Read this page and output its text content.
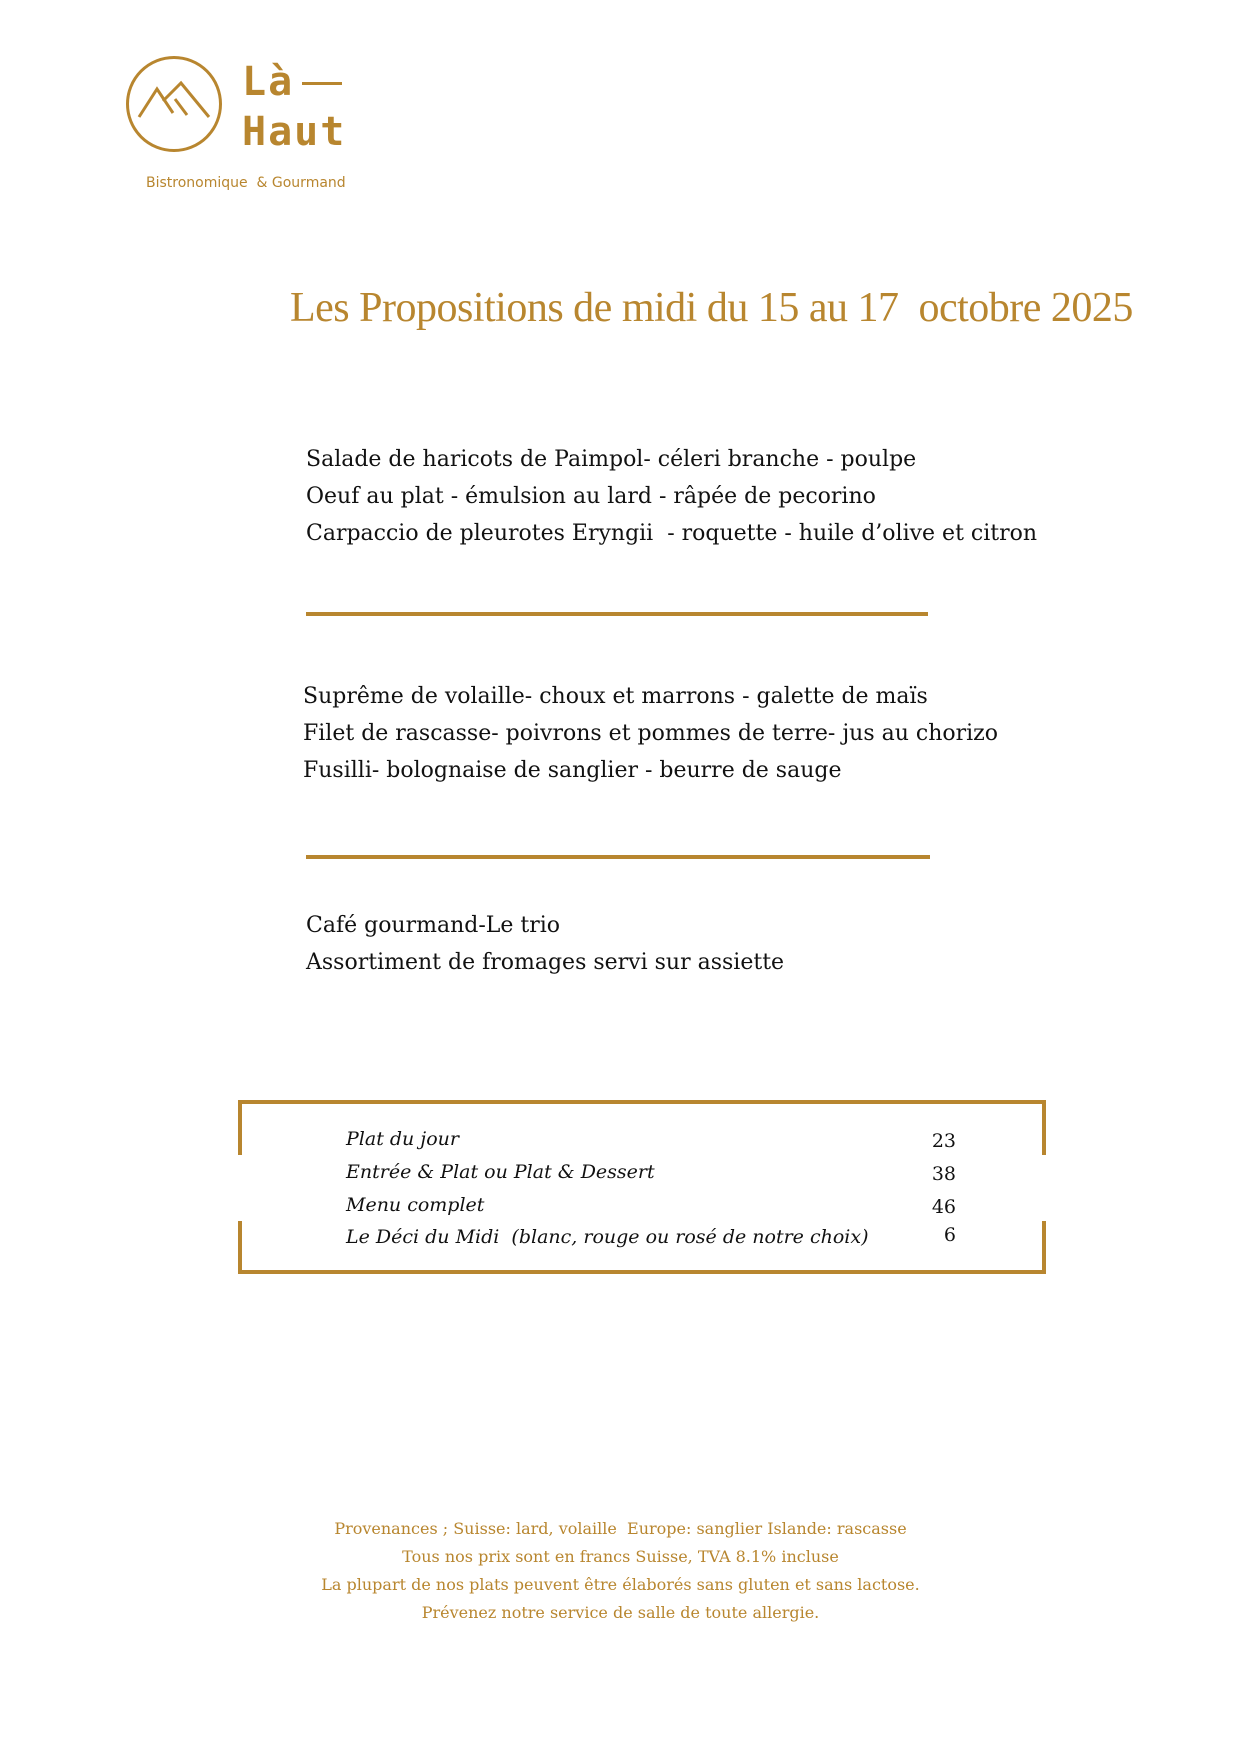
Là
Haut
Bistronomique  & Gourmand
Les Propositions de midi du 15 au 17  octobre 2025
Salade de haricots de Paimpol- céleri branche - poulpe
Oeuf au plat - émulsion au lard - râpée de pecorino
Carpaccio de pleurotes Eryngii  - roquette - huile d’olive et citron
Suprême de volaille- choux et marrons - galette de maïs
Filet de rascasse- poivrons et pommes de terre- jus au chorizo
Fusilli- bolognaise de sanglier - beurre de sauge
Café gourmand-Le trio
Assortiment de fromages servi sur assiette
Plat du jour	23
Entrée & Plat ou Plat & Dessert	38
Menu complet	46
Le Déci du Midi  (blanc, rouge ou rosé de notre choix)	6
Provenances ; Suisse: lard, volaille  Europe: sanglier Islande: rascasse
Tous nos prix sont en francs Suisse, TVA 8.1% incluse
La plupart de nos plats peuvent être élaborés sans gluten et sans lactose.
Prévenez notre service de salle de toute allergie.
